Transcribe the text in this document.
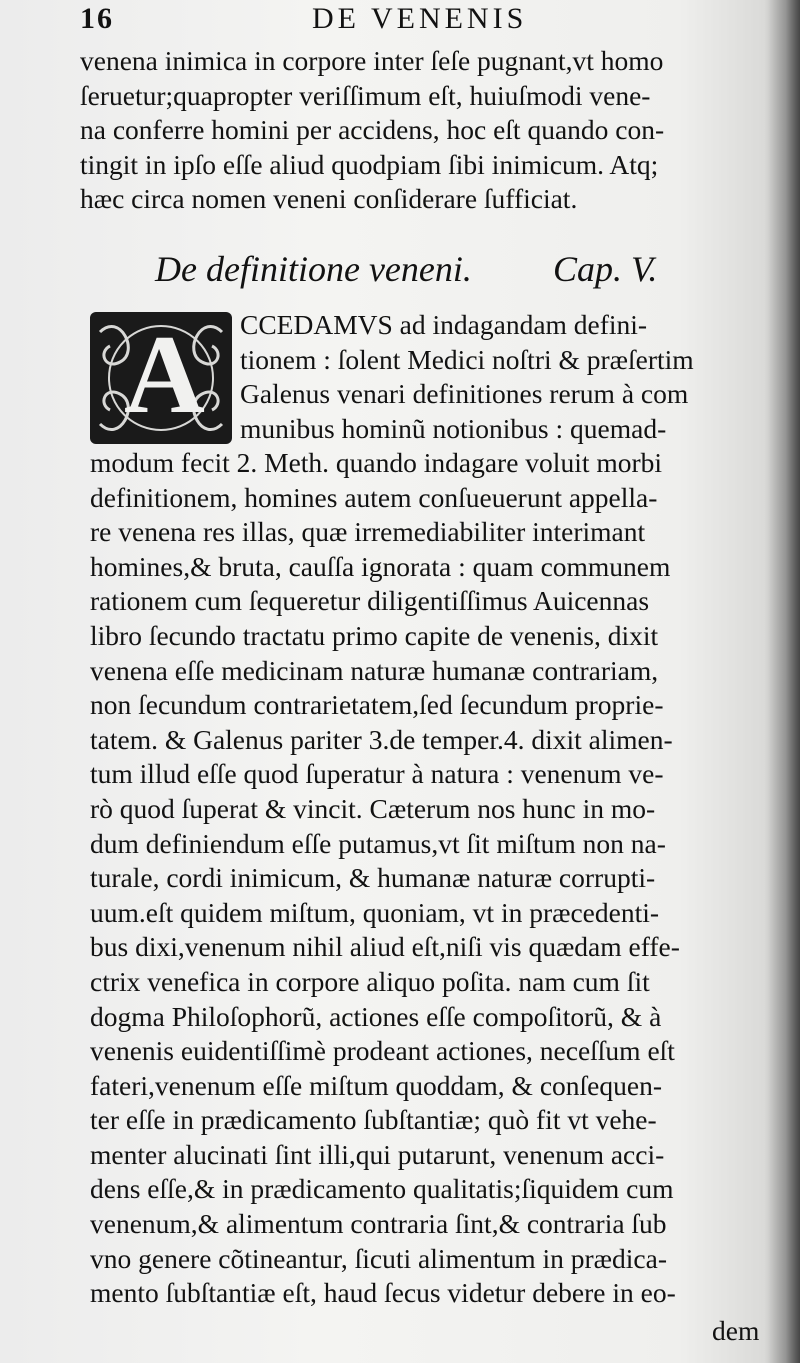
16	DE VENENIS
venena inimica in corpore inter ſeſe pugnant,vt homo
ſeruetur;quapropter veriſſimum eſt, huiuſmodi vene-
na conferre homini per accidens, hoc eſt quando con-
tingit in ipſo eſſe aliud quodpiam ſibi inimicum. Atq;
hæc circa nomen veneni conſiderare ſufficiat.
De definitione veneni. Cap. V.
A CCEDAMVS ad indagandam defini-
tionem : ſolent Medici noſtri & præſertim
Galenus venari definitiones rerum à com
munibus hominũ notionibus : quemad-
modum fecit 2. Meth. quando indagare voluit morbi
definitionem, homines autem conſueuerunt appella-
re venena res illas, quæ irremediabiliter interimant
homines,& bruta, cauſſa ignorata : quam communem
rationem cum ſequeretur diligentiſſimus Auicennas
libro ſecundo tractatu primo capite de venenis, dixit
venena eſſe medicinam naturæ humanæ contrariam,
non ſecundum contrarietatem,ſed ſecundum proprie-
tatem. & Galenus pariter 3.de temper.4. dixit alimen-
tum illud eſſe quod ſuperatur à natura : venenum ve-
rò quod ſuperat & vincit. Cæterum nos hunc in mo-
dum definiendum eſſe putamus,vt ſit miſtum non na-
turale, cordi inimicum, & humanæ naturæ corrupti-
uum.eſt quidem miſtum, quoniam, vt in præcedenti-
bus dixi,venenum nihil aliud eſt,niſi vis quædam effe-
ctrix venefica in corpore aliquo poſita. nam cum ſit
dogma Philoſophorũ, actiones eſſe compoſitorũ, & à
venenis euidentiſſimè prodeant actiones, neceſſum eſt
fateri,venenum eſſe miſtum quoddam, & conſequen-
ter eſſe in prædicamento ſubſtantiæ; quò fit vt vehe-
menter alucinati ſint illi,qui putarunt, venenum acci-
dens eſſe,& in prædicamento qualitatis;ſiquidem cum
venenum,& alimentum contraria ſint,& contraria ſub
vno genere cõtineantur, ſicuti alimentum in prædica-
mento ſubſtantiæ eſt, haud ſecus videtur debere in eo-
dem
